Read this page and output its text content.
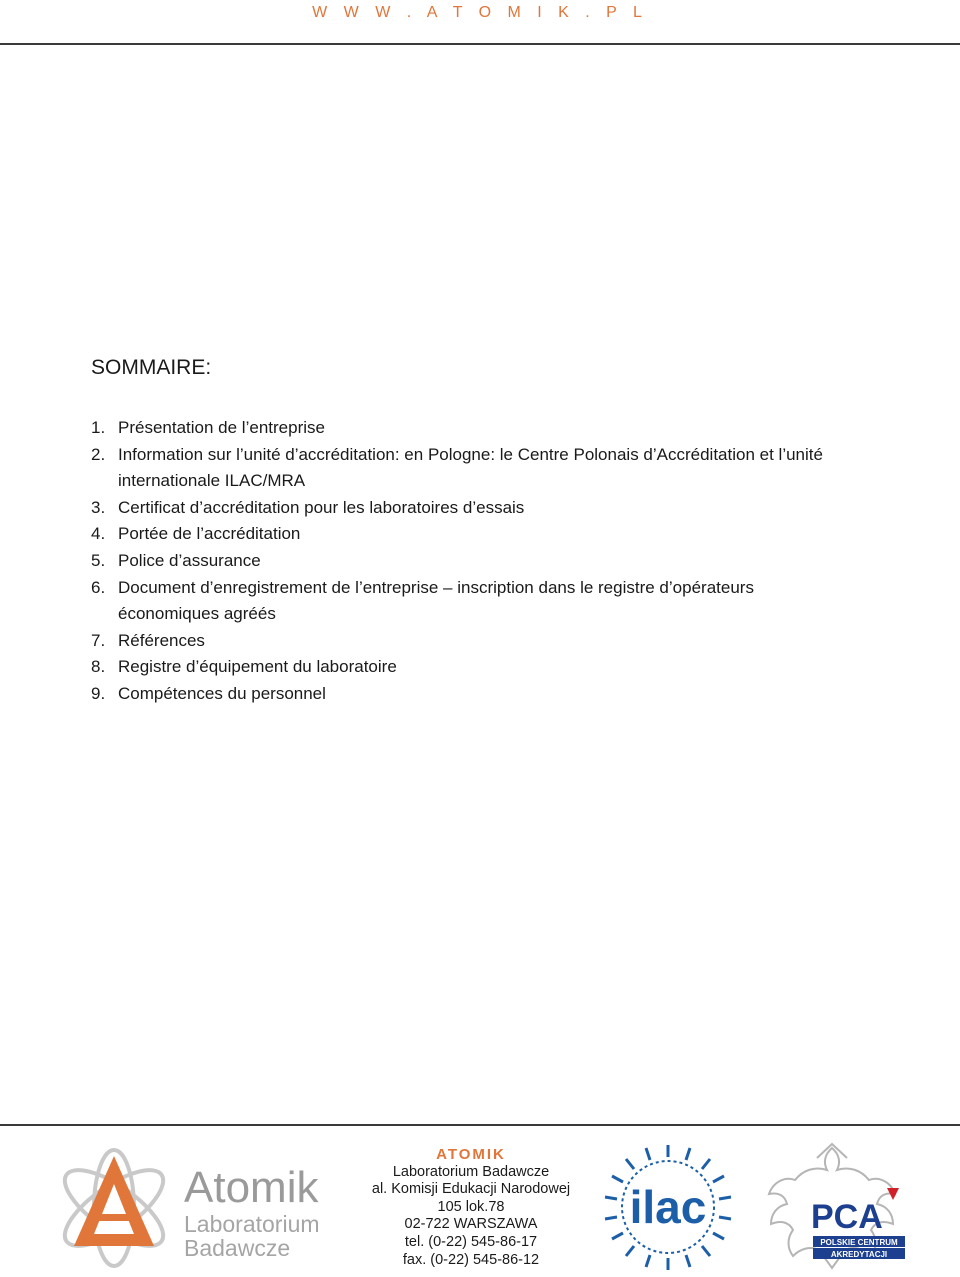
W W W . A T O M I K . P L
SOMMAIRE:
1. Présentation de l’entreprise
2. Information sur l’unité d’accréditation: en Pologne: le Centre Polonais d’Accréditation et l’unité internationale ILAC/MRA
3. Certificat d’accréditation pour les laboratoires d’essais
4. Portée de l’accréditation
5. Police d’assurance
6. Document d’enregistrement de l’entreprise – inscription dans le registre d’opérateurs économiques agréés
7. Références
8. Registre d’équipement du laboratoire
9. Compétences du personnel
Atomik
Laboratorium
Badawcze
ATOMIK
Laboratorium Badawcze
al. Komisji Edukacji Narodowej
105 lok.78
02-722 WARSZAWA
tel. (0-22) 545-86-17
fax. (0-22) 545-86-12
ilac	PCA
POLSKIE CENTRUM
AKREDYTACJI
